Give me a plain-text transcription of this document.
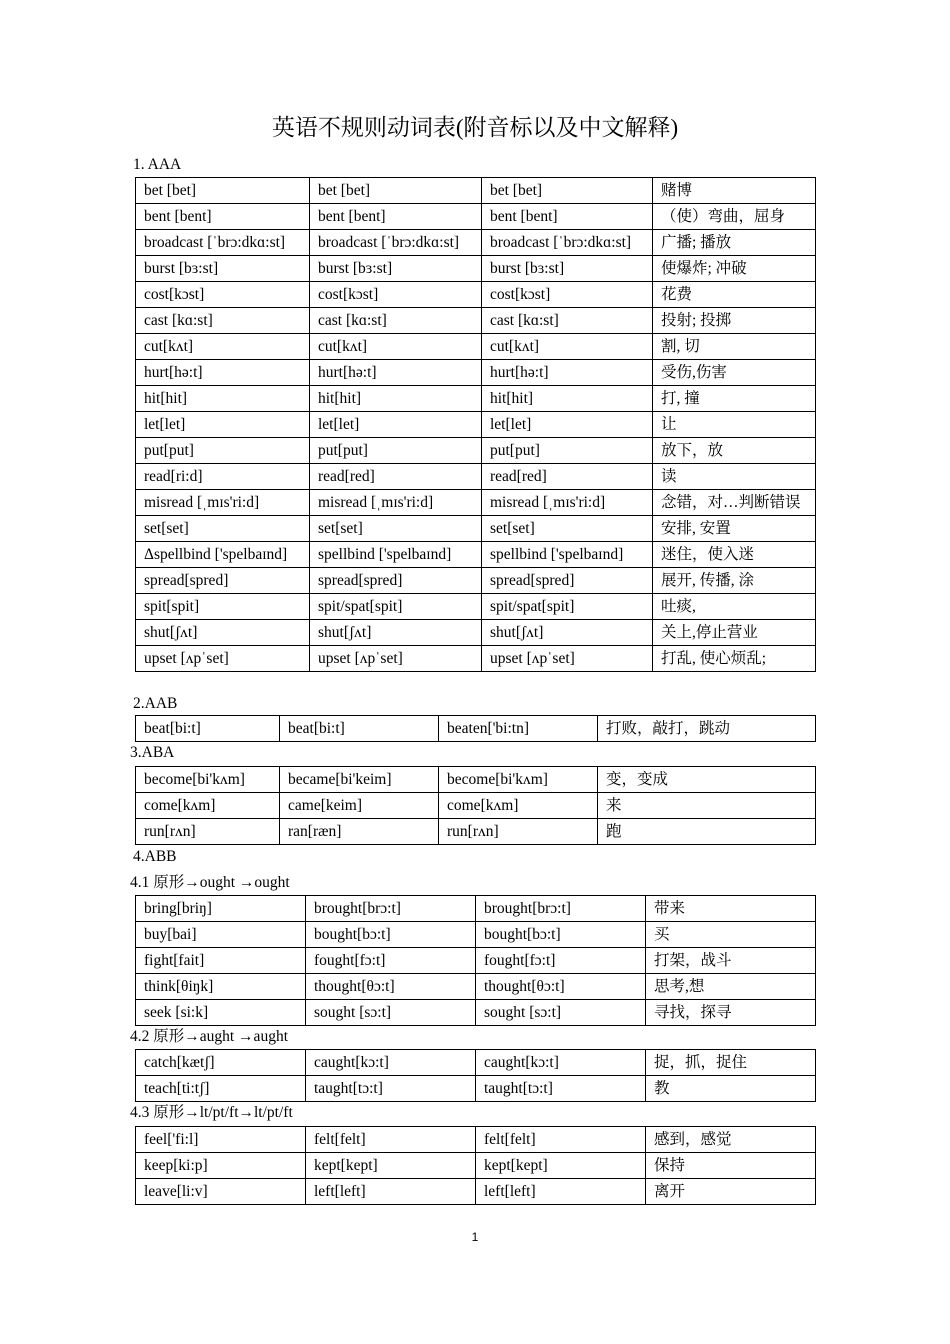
英语不规则动词表(附音标以及中文解释)
1. AAA
bet [bet]	bet [bet]	bet [bet]	赌博
bent [bent]	bent [bent]	bent [bent]	（使）弯曲，屈身
broadcast [ˈbrɔ:dkɑ:st]	broadcast [ˈbrɔ:dkɑ:st]	broadcast [ˈbrɔ:dkɑ:st]	广播; 播放
burst [bɜ:st]	burst [bɜ:st]	burst [bɜ:st]	使爆炸; 冲破
cost[kɔst]	cost[kɔst]	cost[kɔst]	花费
cast [kɑ:st]	cast [kɑ:st]	cast [kɑ:st]	投射; 投掷
cut[kʌt]	cut[kʌt]	cut[kʌt]	割, 切
hurt[hə:t]	hurt[hə:t]	hurt[hə:t]	受伤,伤害
hit[hit]	hit[hit]	hit[hit]	打, 撞
let[let]	let[let]	let[let]	让
put[put]	put[put]	put[put]	放下，放
read[ri:d]	read[red]	read[red]	读
misread [ˌmɪs'ri:d]	misread [ˌmɪs'ri:d]	misread [ˌmɪs'ri:d]	念错，对…判断错误
set[set]	set[set]	set[set]	安排, 安置
Δspellbind ['spelbaɪnd]	spellbind ['spelbaɪnd]	spellbind ['spelbaɪnd]	迷住，使入迷
spread[spred]	spread[spred]	spread[spred]	展开, 传播, 涂
spit[spit]	spit/spat[spit]	spit/spat[spit]	吐痰,
shut[ʃʌt]	shut[ʃʌt]	shut[ʃʌt]	关上,停止营业
upset [ʌpˈset]	upset [ʌpˈset]	upset [ʌpˈset]	打乱, 使心烦乱;
2.AAB
beat[bi:t]	beat[bi:t]	beaten['bi:tn]	打败，敲打，跳动
3.ABA
become[bi'kʌm]	became[bi'keim]	become[bi'kʌm]	变，变成
come[kʌm]	came[keim]	come[kʌm]	来
run[rʌn]	ran[ræn]	run[rʌn]	跑
4.ABB
4.1 原形→ought →ought
bring[briŋ]	brought[brɔ:t]	brought[brɔ:t]	带来
buy[bai]	bought[bɔ:t]	bought[bɔ:t]	买
fight[fait]	fought[fɔ:t]	fought[fɔ:t]	打架，战斗
think[θiŋk]	thought[θɔ:t]	thought[θɔ:t]	思考,想
seek [si:k]	sought [sɔ:t]	sought [sɔ:t]	寻找，探寻
4.2 原形→aught →aught
catch[kætʃ]	caught[kɔ:t]	caught[kɔ:t]	捉，抓，捉住
teach[ti:tʃ]	taught[tɔ:t]	taught[tɔ:t]	教
4.3 原形→lt/pt/ft→lt/pt/ft
feel['fi:l]	felt[felt]	felt[felt]	感到，感觉
keep[ki:p]	kept[kept]	kept[kept]	保持
leave[li:v]	left[left]	left[left]	离开
1
